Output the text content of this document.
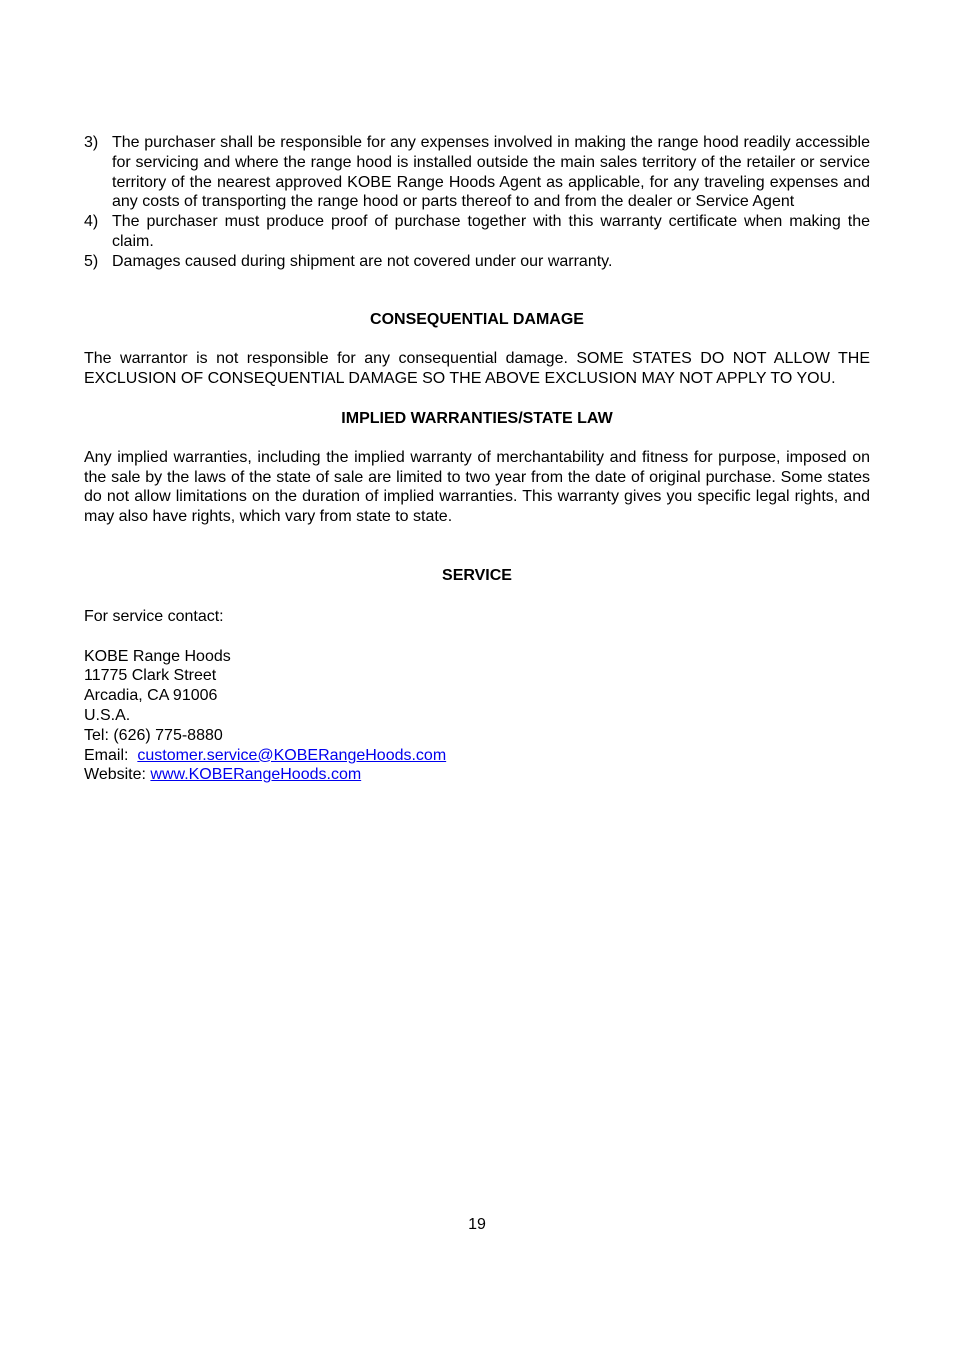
3) The purchaser shall be responsible for any expenses involved in making the range hood readily accessible for servicing and where the range hood is installed outside the main sales territory of the retailer or service territory of the nearest approved KOBE Range Hoods Agent as applicable, for any traveling expenses and any costs of transporting the range hood or parts thereof to and from the dealer or Service Agent
4) The purchaser must produce proof of purchase together with this warranty certificate when making the claim.
5) Damages caused during shipment are not covered under our warranty.

CONSEQUENTIAL DAMAGE

The warrantor is not responsible for any consequential damage. SOME STATES DO NOT ALLOW THE EXCLUSION OF CONSEQUENTIAL DAMAGE SO THE ABOVE EXCLUSION MAY NOT APPLY TO YOU.

IMPLIED WARRANTIES/STATE LAW

Any implied warranties, including the implied warranty of merchantability and fitness for purpose, imposed on the sale by the laws of the state of sale are limited to two year from the date of original purchase. Some states do not allow limitations on the duration of implied warranties. This warranty gives you specific legal rights, and may also have rights, which vary from state to state.

SERVICE

For service contact:

KOBE Range Hoods

11775 Clark Street

Arcadia, CA 91006

U.S.A.

Tel: (626) 775-8880

Email: customer.service@KOBERangeHoods.com

Website: www.KOBERangeHoods.com

19
